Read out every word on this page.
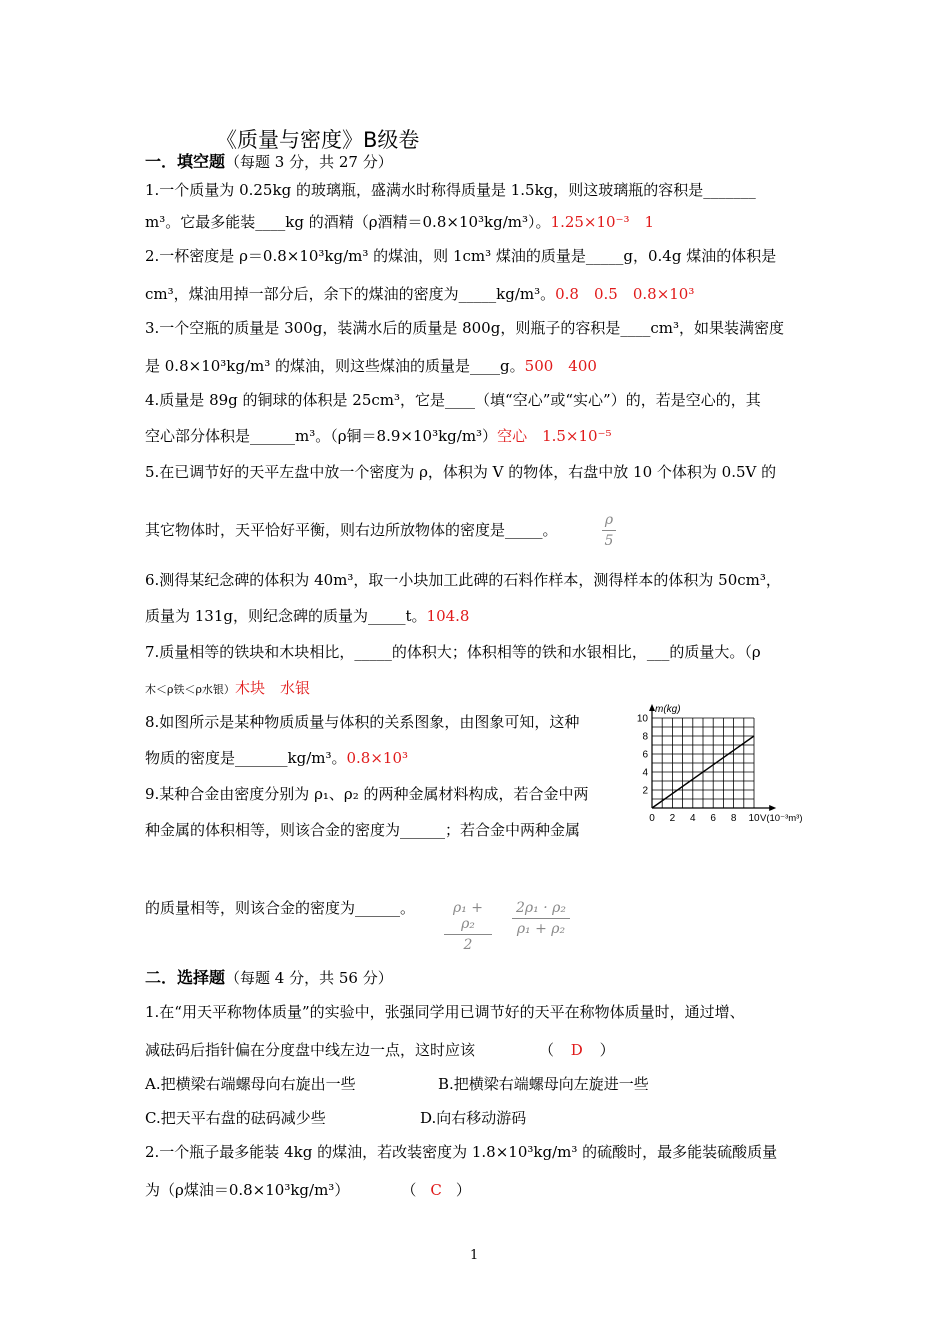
《质量与密度》B级卷
一．填空题（每题 3 分，共 27 分）
1.一个质量为 0.25kg 的玻璃瓶，盛满水时称得质量是 1.5kg，则这玻璃瓶的容积是_______
m³。它最多能装____kg 的酒精（ρ酒精＝0.8×10³kg/m³）。1.25×10⁻³　1
2.一杯密度是 ρ＝0.8×10³kg/m³ 的煤油，则 1cm³ 煤油的质量是_____g，0.4g 煤油的体积是
cm³，煤油用掉一部分后，余下的煤油的密度为_____kg/m³。0.8　0.5　0.8×10³
3.一个空瓶的质量是 300g，装满水后的质量是 800g，则瓶子的容积是____cm³，如果装满密度
是 0.8×10³kg/m³ 的煤油，则这些煤油的质量是____g。500　400
4.质量是 89g 的铜球的体积是 25cm³，它是____（填“空心”或“实心”）的，若是空心的，其
空心部分体积是______m³。（ρ铜＝8.9×10³kg/m³）空心　1.5×10⁻⁵
5.在已调节好的天平左盘中放一个密度为 ρ，体积为 V 的物体，右盘中放 10 个体积为 0.5V 的
其它物体时，天平恰好平衡，则右边所放物体的密度是_____。
ρ
5
6.测得某纪念碑的体积为 40m³，取一小块加工此碑的石料作样本，测得样本的体积为 50cm³，
质量为 131g，则纪念碑的质量为_____t。104.8
7.质量相等的铁块和木块相比，_____的体积大；体积相等的铁和水银相比，___的质量大。（ρ
木＜ρ铁＜ρ水银）木块　水银
8.如图所示是某种物质质量与体积的关系图象，由图象可知，这种
物质的密度是_______kg/m³。0.8×10³
9.某种合金由密度分别为 ρ₁、ρ₂ 的两种金属材料构成，若合金中两
种金属的体积相等，则该合金的密度为______；若合金中两种金属
的质量相等，则该合金的密度为______。	ρ₁ + ρ₂
2
2ρ₁ · ρ₂
ρ₁ + ρ₂
0 2 4 6 8 10
2
4
6
8
10
m(kg)
V(10⁻³m³)
二．选择题（每题 4 分，共 56 分）
1.在“用天平称物体质量”的实验中，张强同学用已调节好的天平在称物体质量时，通过增、
减砝码后指针偏在分度盘中线左边一点，这时应该	（ D ）
A.把横梁右端螺母向右旋出一些	B.把横梁右端螺母向左旋进一些
C.把天平右盘的砝码减少些	D.向右移动游码
2.一个瓶子最多能装 4kg 的煤油，若改装密度为 1.8×10³kg/m³ 的硫酸时，最多能装硫酸质量
为（ρ煤油＝0.8×10³kg/m³）	（ C ）
1
